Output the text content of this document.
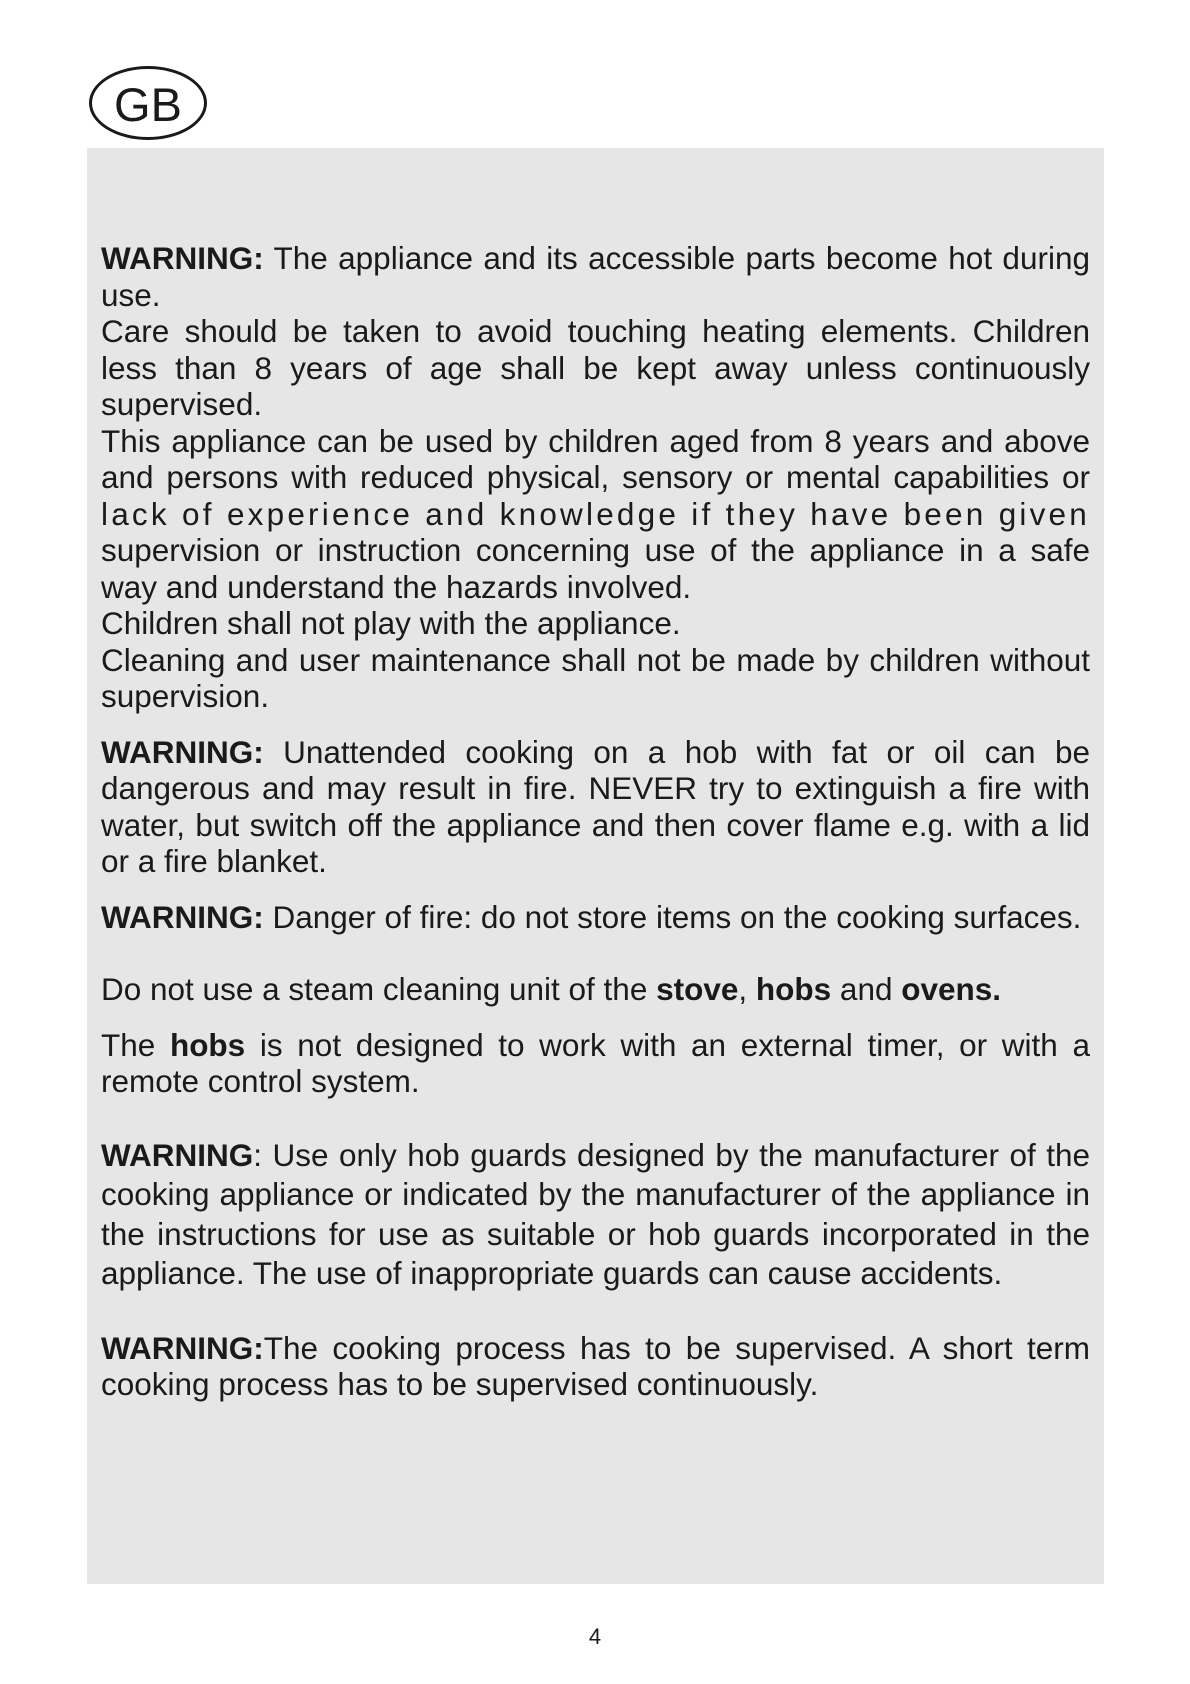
GB

WARNING: The appliance and its accessible parts become hot during use.

Care should be taken to avoid touching heating elements. Children less than 8 years of age shall be kept away unless continuously supervised.

This appliance can be used by children aged from 8 years and above and persons with reduced physical, sensory or mental capabilities or lack of experience and knowledge if they have been given supervision or instruction concerning use of the appliance in a safe way and understand the hazards involved.

Children shall not play with the appliance.

Cleaning and user maintenance shall not be made by children without supervision.

WARNING: Unattended cooking on a hob with fat or oil can be dangerous and may result in fire. NEVER try to extinguish a fire with water, but switch off the appliance and then cover flame e.g. with a lid or a fire blanket.

WARNING: Danger of fire: do not store items on the cooking surfaces.

Do not use a steam cleaning unit of the stove, hobs and ovens.

The hobs is not designed to work with an external timer, or with a remote control system.

WARNING: Use only hob guards designed by the manufacturer of the cooking appliance or indicated by the manufacturer of the appliance in the instructions for use as suitable or hob guards incorporated in the appliance. The use of inappropriate guards can cause accidents.

WARNING:The cooking process has to be supervised. A short term cooking process has to be supervised continuously.

4
